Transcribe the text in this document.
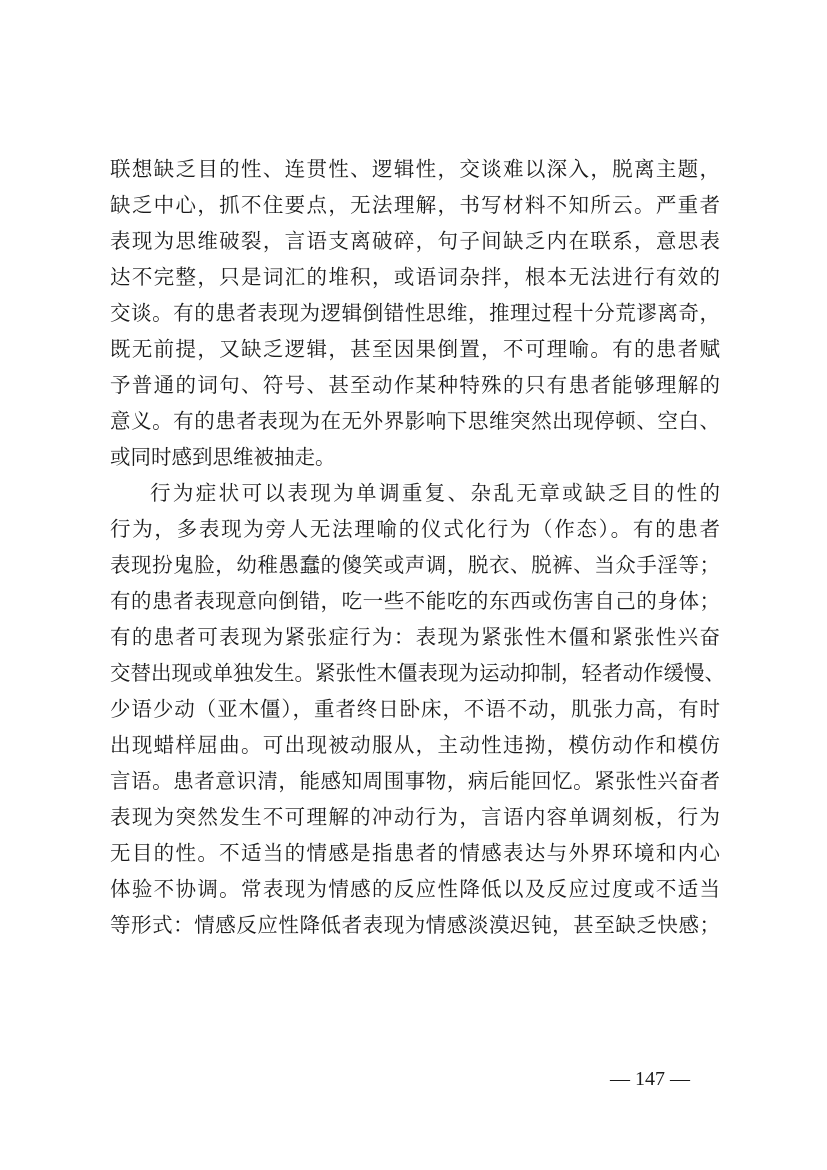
联想缺乏目的性、连贯性、逻辑性，交谈难以深入，脱离主题，
缺乏中心，抓不住要点，无法理解，书写材料不知所云。严重者
表现为思维破裂，言语支离破碎，句子间缺乏内在联系，意思表
达不完整，只是词汇的堆积，或语词杂拌，根本无法进行有效的
交谈。有的患者表现为逻辑倒错性思维，推理过程十分荒谬离奇，
既无前提，又缺乏逻辑，甚至因果倒置，不可理喻。有的患者赋
予普通的词句、符号、甚至动作某种特殊的只有患者能够理解的
意义。有的患者表现为在无外界影响下思维突然出现停顿、空白、
或同时感到思维被抽走。
行为症状可以表现为单调重复、杂乱无章或缺乏目的性的
行为，多表现为旁人无法理喻的仪式化行为（作态）。有的患者
表现扮鬼脸，幼稚愚蠢的傻笑或声调，脱衣、脱裤、当众手淫等；
有的患者表现意向倒错，吃一些不能吃的东西或伤害自己的身体；
有的患者可表现为紧张症行为：表现为紧张性木僵和紧张性兴奋
交替出现或单独发生。紧张性木僵表现为运动抑制，轻者动作缓慢、
少语少动（亚木僵），重者终日卧床，不语不动，肌张力高，有时
出现蜡样屈曲。可出现被动服从，主动性违拗，模仿动作和模仿
言语。患者意识清，能感知周围事物，病后能回忆。紧张性兴奋者
表现为突然发生不可理解的冲动行为，言语内容单调刻板，行为
无目的性。不适当的情感是指患者的情感表达与外界环境和内心
体验不协调。常表现为情感的反应性降低以及反应过度或不适当
等形式：情感反应性降低者表现为情感淡漠迟钝，甚至缺乏快感；
— 147 —
